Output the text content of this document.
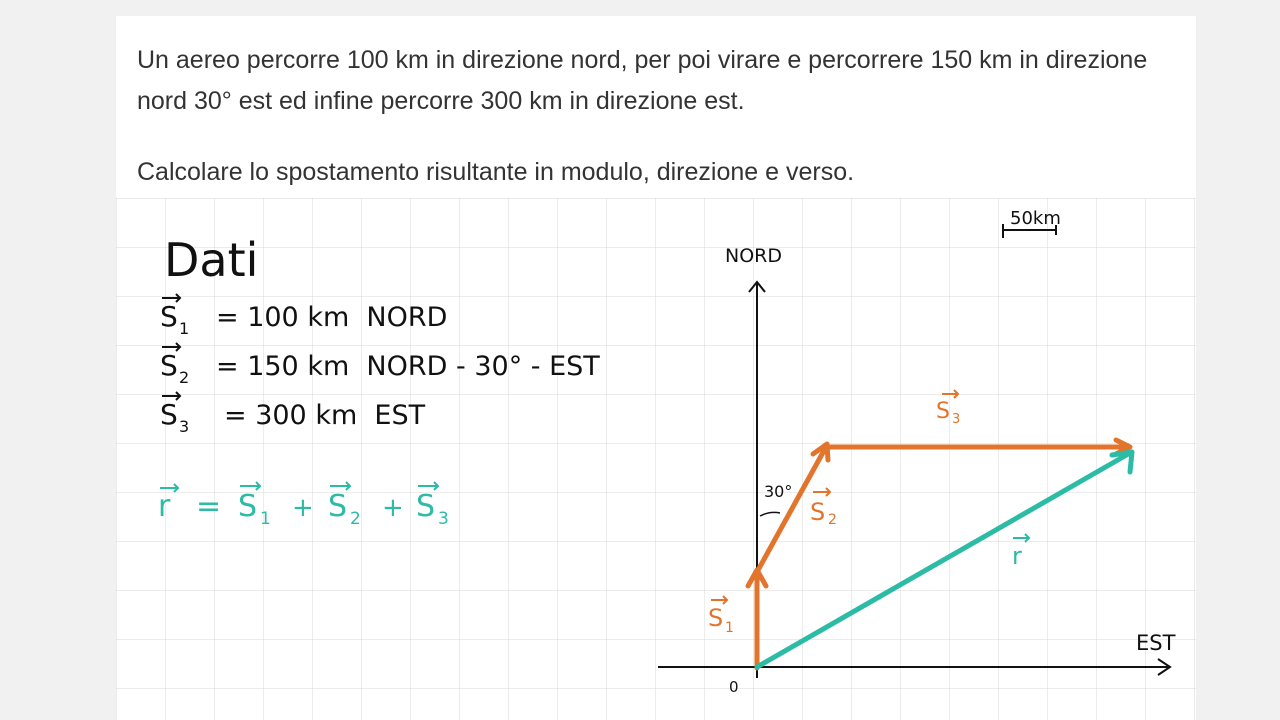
Un aereo percorre 100 km in direzione nord, per poi virare e percorrere 150 km in direzione nord 30° est ed infine percorre 300 km in direzione est.

Calcolare lo spostamento risultante in modulo, direzione e verso.

Dati
S 1 = 100 km  NORD
S 2 = 150 km  NORD - 30° - EST
S 3 = 300 km  EST
r = S 1 + S 2 + S 3
50km
NORD
EST
0
S 1
S 2
30°
S 3
r
